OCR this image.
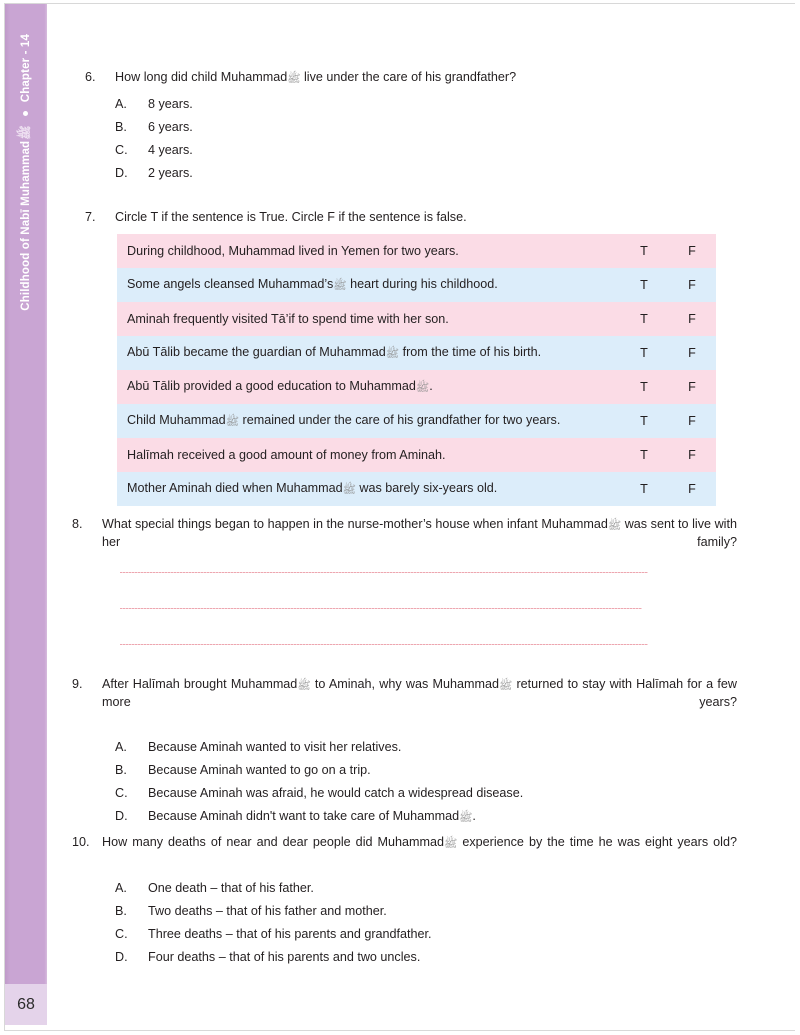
Childhood of Nabī Muhammad
ﷺ
Chapter - 14
68
6.	How long did child Muhammadﷺ live under the care of his grandfather?
A.	8 years.
B.	6 years.
C.	4 years.
D.	2 years.
7.	Circle T if the sentence is True. Circle F if the sentence is false.
During childhood, Muhammad lived in Yemen for two years.	T	F
Some angels cleansed Muhammad’sﷺ heart during his childhood.	T	F
Aminah frequently visited Tā’if to spend time with her son.	T	F
Abū Tālib became the guardian of Muhammadﷺ from the time of his birth.	T	F
Abū Tālib provided a good education to Muhammadﷺ.	T	F
Child Muhammadﷺ remained under the care of his grandfather for two years.	T	F
Halīmah received a good amount of money from Aminah.	T	F
Mother Aminah died when Muhammadﷺ was barely six-years old.	T	F
8.	What special things began to happen in the nurse-mother’s house when infant Muhammadﷺ was sent to live with her family?
9.	After Halīmah brought Muhammadﷺ to Aminah, why was Muhammadﷺ returned to stay with Halīmah for a few more years?
A.	Because Aminah wanted to visit her relatives.
B.	Because Aminah wanted to go on a trip.
C.	Because Aminah was afraid, he would catch a widespread disease.
D.	Because Aminah didn't want to take care of Muhammadﷺ.
10. How many deaths of near and dear people did Muhammadﷺ experience by the time he was eight years old?
A.	One death – that of his father.
B.	Two deaths – that of his father and mother.
C.	Three deaths – that of his parents and grandfather.
D.	Four deaths – that of his parents and two uncles.
